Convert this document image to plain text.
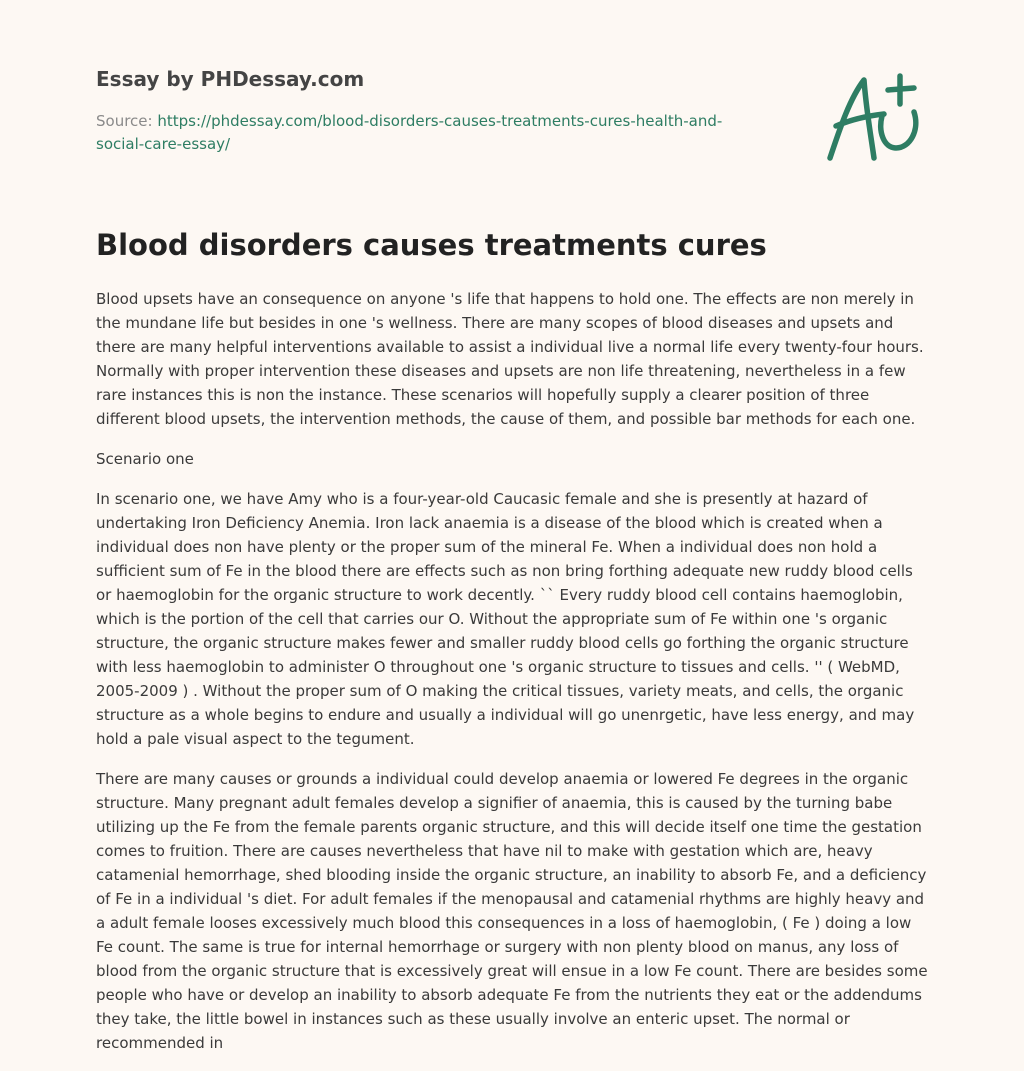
Essay by PHDessay.com
Source: https://phdessay.com/blood-disorders-causes-treatments-cures-health-and-social-care-essay/
Blood disorders causes treatments cures

Blood upsets have an consequence on anyone 's life that happens to hold one. The effects are non merely in the mundane life but besides in one 's wellness. There are many scopes of blood diseases and upsets and there are many helpful interventions available to assist a individual live a normal life every twenty-four hours. Normally with proper intervention these diseases and upsets are non life threatening, nevertheless in a few rare instances this is non the instance. These scenarios will hopefully supply a clearer position of three different blood upsets, the intervention methods, the cause of them, and possible bar methods for each one.

Scenario one

In scenario one, we have Amy who is a four-year-old Caucasic female and she is presently at hazard of undertaking Iron Deficiency Anemia. Iron lack anaemia is a disease of the blood which is created when a individual does non have plenty or the proper sum of the mineral Fe. When a individual does non hold a sufficient sum of Fe in the blood there are effects such as non bring forthing adequate new ruddy blood cells or haemoglobin for the organic structure to work decently. `` Every ruddy blood cell contains haemoglobin, which is the portion of the cell that carries our O. Without the appropriate sum of Fe within one 's organic structure, the organic structure makes fewer and smaller ruddy blood cells go forthing the organic structure with less haemoglobin to administer O throughout one 's organic structure to tissues and cells. '' ( WebMD, 2005-2009 ) . Without the proper sum of O making the critical tissues, variety meats, and cells, the organic structure as a whole begins to endure and usually a individual will go unenrgetic, have less energy, and may hold a pale visual aspect to the tegument.

There are many causes or grounds a individual could develop anaemia or lowered Fe degrees in the organic structure. Many pregnant adult females develop a signifier of anaemia, this is caused by the turning babe utilizing up the Fe from the female parents organic structure, and this will decide itself one time the gestation comes to fruition. There are causes nevertheless that have nil to make with gestation which are, heavy catamenial hemorrhage, shed blooding inside the organic structure, an inability to absorb Fe, and a deficiency of Fe in a individual 's diet. For adult females if the menopausal and catamenial rhythms are highly heavy and a adult female looses excessively much blood this consequences in a loss of haemoglobin, ( Fe ) doing a low Fe count. The same is true for internal hemorrhage or surgery with non plenty blood on manus, any loss of blood from the organic structure that is excessively great will ensue in a low Fe count. There are besides some people who have or develop an inability to absorb adequate Fe from the nutrients they eat or the addendums they take, the little bowel in instances such as these usually involve an enteric upset. The normal or recommended in
